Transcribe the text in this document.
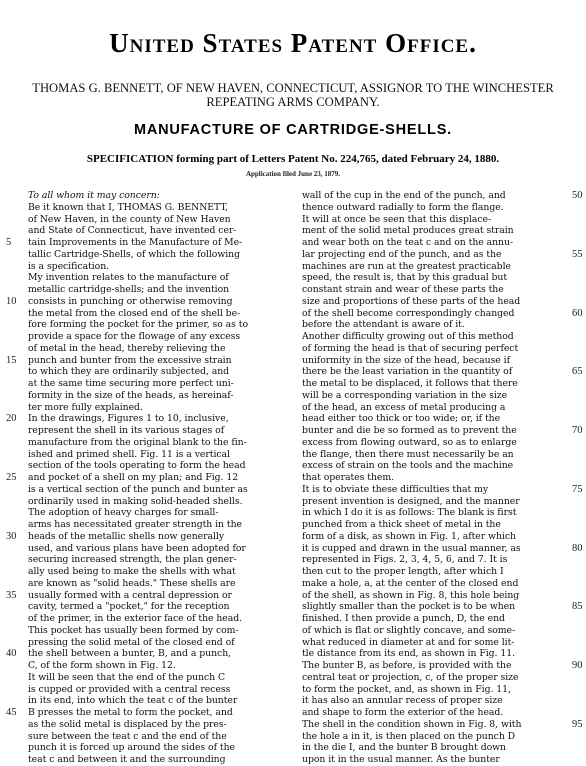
United States Patent Office.
THOMAS G. BENNETT, OF NEW HAVEN, CONNECTICUT, ASSIGNOR TO THE WINCHESTER REPEATING ARMS COMPANY.
MANUFACTURE OF CARTRIDGE-SHELLS.
SPECIFICATION forming part of Letters Patent No. 224,765, dated February 24, 1880.
Application filed June 23, 1879.
To all whom it may concern:
Be it known that I, THOMAS G. BENNETT,
of New Haven, in the county of New Haven
and State of Connecticut, have invented cer-
tain Improvements in the Manufacture of Me-
tallic Cartridge-Shells, of which the following
is a specification.
My invention relates to the manufacture of
metallic cartridge-shells; and the invention
consists in punching or otherwise removing
the metal from the closed end of the shell be-
fore forming the pocket for the primer, so as to
provide a space for the flowage of any excess
of metal in the head, thereby relieving the
punch and bunter from the excessive strain
to which they are ordinarily subjected, and
at the same time securing more perfect uni-
formity in the size of the heads, as hereinaf-
ter more fully explained.
In the drawings, Figures 1 to 10, inclusive,
represent the shell in its various stages of
manufacture from the original blank to the fin-
ished and primed shell. Fig. 11 is a vertical
section of the tools operating to form the head
and pocket of a shell on my plan; and Fig. 12
is a vertical section of the punch and bunter as
ordinarily used in making solid-headed shells.
The adoption of heavy charges for small-
arms has necessitated greater strength in the
heads of the metallic shells now generally
used, and various plans have been adopted for
securing increased strength, the plan gener-
ally used being to make the shells with what
are known as "solid heads." These shells are
usually formed with a central depression or
cavity, termed a "pocket," for the reception
of the primer, in the exterior face of the head.
This pocket has usually been formed by com-
pressing the solid metal of the closed end of
the shell between a bunter, B, and a punch,
C, of the form shown in Fig. 12.
It will be seen that the end of the punch C
is cupped or provided with a central recess
in its end, into which the teat c of the bunter
B presses the metal to form the pocket, and
as the solid metal is displaced by the pres-
sure between the teat c and the end of the
punch it is forced up around the sides of the
teat c and between it and the surrounding
wall of the cup in the end of the punch, and
thence outward radially to form the flange.
It will at once be seen that this displace-
ment of the solid metal produces great strain
and wear both on the teat c and on the annu-
lar projecting end of the punch, and as the
machines are run at the greatest practicable
speed, the result is, that by this gradual but
constant strain and wear of these parts the
size and proportions of these parts of the head
of the shell become correspondingly changed
before the attendant is aware of it.
Another difficulty growing out of this method
of forming the head is that of securing perfect
uniformity in the size of the head, because if
there be the least variation in the quantity of
the metal to be displaced, it follows that there
will be a corresponding variation in the size
of the head, an excess of metal producing a
head either too thick or too wide; or, if the
bunter and die be so formed as to prevent the
excess from flowing outward, so as to enlarge
the flange, then there must necessarily be an
excess of strain on the tools and the machine
that operates them.
It is to obviate these difficulties that my
present invention is designed, and the manner
in which I do it is as follows: The blank is first
punched from a thick sheet of metal in the
form of a disk, as shown in Fig. 1, after which
it is cupped and drawn in the usual manner, as
represented in Figs. 2, 3, 4, 5, 6, and 7. It is
then cut to the proper length, after which I
make a hole, a, at the center of the closed end
of the shell, as shown in Fig. 8, this hole being
slightly smaller than the pocket is to be when
finished. I then provide a punch, D, the end
of which is flat or slightly concave, and some-
what reduced in diameter at and for some lit-
tle distance from its end, as shown in Fig. 11.
The bunter B, as before, is provided with the
central teat or projection, c, of the proper size
to form the pocket, and, as shown in Fig. 11,
it has also an annular recess of proper size
and shape to form the exterior of the head.
The shell in the condition shown in Fig. 8, with
the hole a in it, is then placed on the punch D
in the die I, and the bunter B brought down
upon it in the usual manner. As the bunter
5
10
15
20
25
30
35
40
45
50
55
60
65
70
75
80
85
90
95
